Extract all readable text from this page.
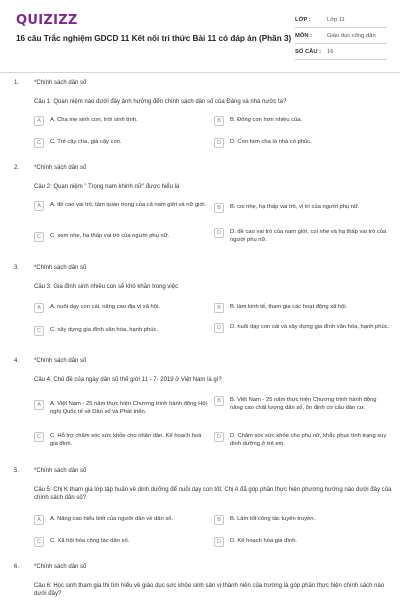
QUIZIZZ
16 câu Trắc nghiệm GDCD 11 Kết nối tri thức Bài 11 có đáp án (Phần 3)
LỚP :	Lớp 11
MÔN :	Giáo dục công dân
SỐ CÂU :	16
1. *Chính sách dân số
Câu 1: Quan niệm nào dưới đây ảnh hưởng đến chính sách dân số của Đảng và nhà nước ta?
A	A. Cha mẹ sinh con, trời sinh tính.	B	B. Đông con hơn nhiều của.
C	C. Trẻ cậy cha, già cậy con.	D	D. Con hơn cha là nhà có phúc.
2. *Chính sách dân số
Câu 2: Quan niệm " Trọng nam khinh nữ" được hiểu là
A	A. đề cao vai trò, tầm quan trọng của cả nam giới và nữ giới.	B	B. coi nhẹ, hạ thấp vai trò, vị trí của người phụ nữ.
C	C. xem nhẹ, hạ thấp vai trò của người phụ nữ.	D	D. đề cao vai trò của nam giới, coi nhẹ và hạ thấp vai trò của người phụ nữ.
3. *Chính sách dân số
Câu 3: Gia đình sinh nhiều con sẽ khó khăn trong việc
A	A. nuôi dạy con cái, nâng cao địa vị xã hội.	B	B. làm kinh tế, tham gia các hoạt động xã hội.
C	C. xây dựng gia đình văn hóa, hạnh phúc.	D	D. nuôi dạy con cái và xây dựng gia đình văn hóa, hạnh phúc.
4. *Chính sách dân số
Câu 4: Chủ đề của ngày dân số thế giới 11 - 7- 2019 ở Việt Nam là gì?
A	A. Việt Nam - 25 năm thực hiện Chương trình hành động Hội nghị Quốc tế về Dân số và Phát triển.
B	B. Việt Nam - 25 năm thực hiện Chương trình hành động nâng cao chất lượng dân số, ổn định cơ cấu dân cư.
C	C. Hỗ trợ chăm sóc sức khỏe cho nhân dân. Kế hoạch hoá gia đình.
D	D. Chăm sóc sức khỏe cho phụ nữ, khắc phục tình trạng suy dinh dưỡng ở trẻ em.
5. *Chính sách dân số
Câu 5: Chị K tham gia lớp tập huấn về dinh dưỡng để nuôi dạy con tốt. Chị A đã góp phần thực hiện phương hướng nào dưới đây của chính sách dân số?
A	A. Nâng cao hiểu biết của người dân về dân số.	B	B. Làm tốt công tác tuyên truyền.
C	C. Xã hội hóa công tác dân số.	D	D. Kế hoạch hóa gia đình.
6. *Chính sách dân số
Câu 6: Học sinh tham gia thi tìm hiểu về giáo dục sức khỏe sinh sản vị thành niên của trường là góp phần thực hiện chính sách nào dưới đây?
